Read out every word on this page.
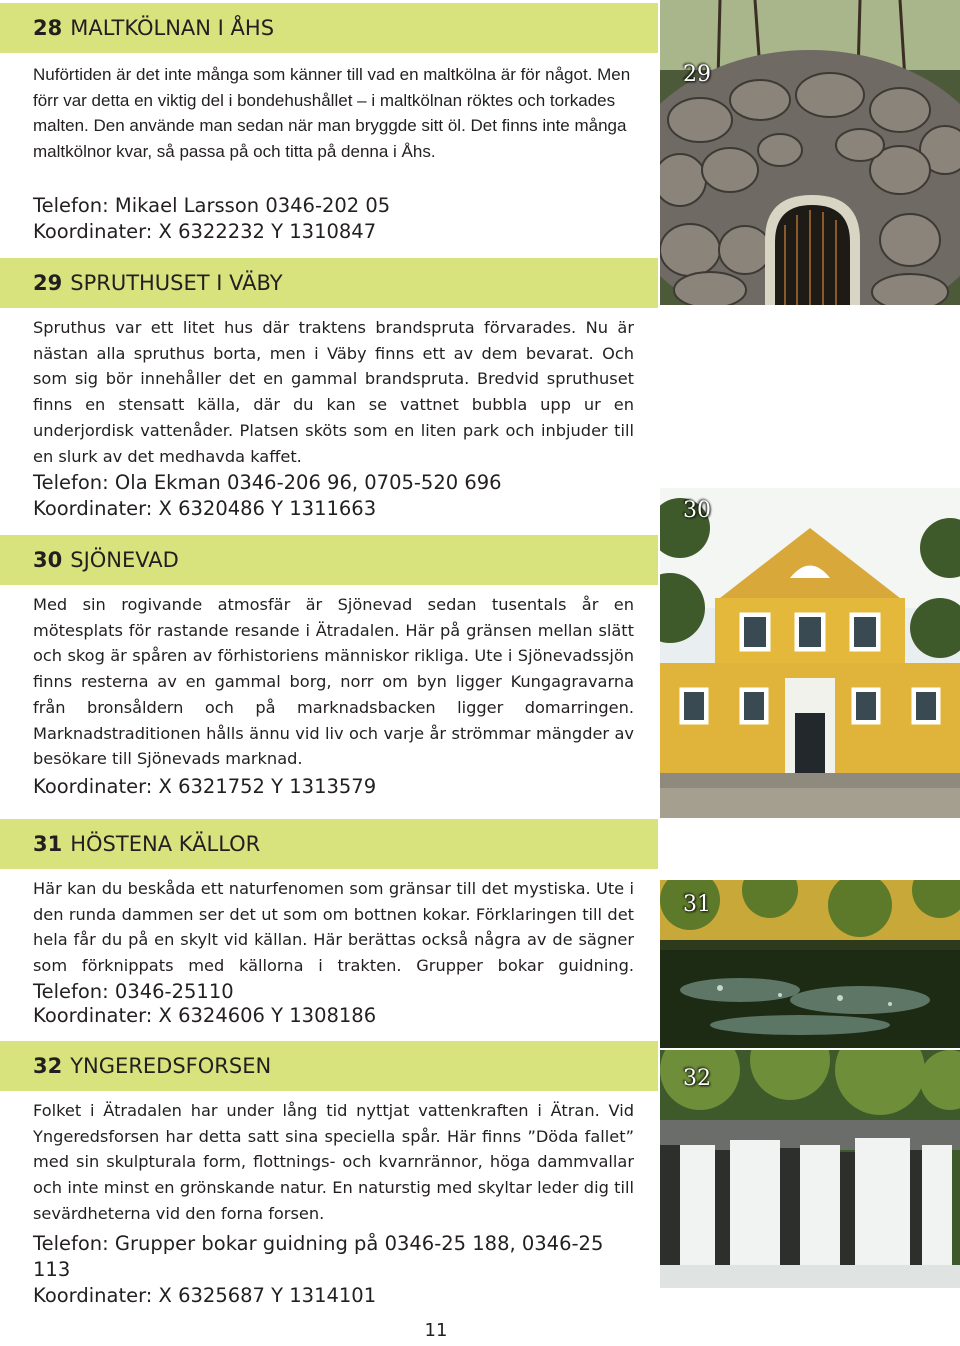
28 MALTKÖLNAN I ÅHS

Nuförtiden är det inte många som känner till vad en maltkölna är för något. Men förr var detta en viktig del i bondehushållet – i maltkölnan röktes och torkades malten. Den använde man sedan när man bryggde sitt öl. Det finns inte många maltkölnor kvar, så passa på och titta på denna i Åhs.

Telefon: Mikael Larsson 0346-202 05
Koordinater: X 6322232 Y 1310847
29 SPRUTHUSET I VÄBY

Spruthus var ett litet hus där traktens brandspruta förvarades. Nu är nästan alla spruthus borta, men i Väby finns ett av dem bevarat. Och som sig bör innehåller det en gammal brandspruta. Bredvid spruthuset finns en stensatt källa, där du kan se vattnet bubbla upp ur en underjordisk vattenåder. Platsen sköts som en liten park och inbjuder till en slurk av det medhavda kaffet.

Telefon: Ola Ekman 0346-206 96, 0705-520 696
Koordinater: X 6320486 Y 1311663
30 SJÖNEVAD

Med sin rogivande atmosfär är Sjönevad sedan tusentals år en mötesplats för rastande resande i Ätradalen. Här på gränsen mellan slätt och skog är spåren av förhistoriens människor rikliga. Ute i Sjönevadssjön finns resterna av en gammal borg, norr om byn ligger Kungagravarna från bronsåldern och på marknadsbacken ligger domarringen. Marknadstraditionen hålls ännu vid liv och varje år strömmar mängder av besökare till Sjönevads marknad.

Koordinater: X 6321752 Y 1313579
31 HÖSTENA KÄLLOR

Här kan du beskåda ett naturfenomen som gränsar till det mystiska. Ute i den runda dammen ser det ut som om bottnen kokar. Förklaringen till det hela får du på en skylt vid källan. Här berättas också några av de sägner som förknippats med källorna i trakten. Grupper bokar guidning. Telefon: 0346-25110

Koordinater: X 6324606 Y 1308186
32 YNGEREDSFORSEN

Folket i Ätradalen har under lång tid nyttjat vattenkraften i Ätran. Vid Yngeredsforsen har detta satt sina speciella spår. Här finns ”Döda fallet” med sin skulpturala form, flottnings- och kvarnrännor, höga dammvallar och inte minst en grönskande natur. En naturstig med skyltar leder dig till sevärdheterna vid den forna forsen.

Telefon: Grupper bokar guidning på 0346-25 188, 0346-25 113
Koordinater: X 6325687 Y 1314101
29
30
31
32
11
